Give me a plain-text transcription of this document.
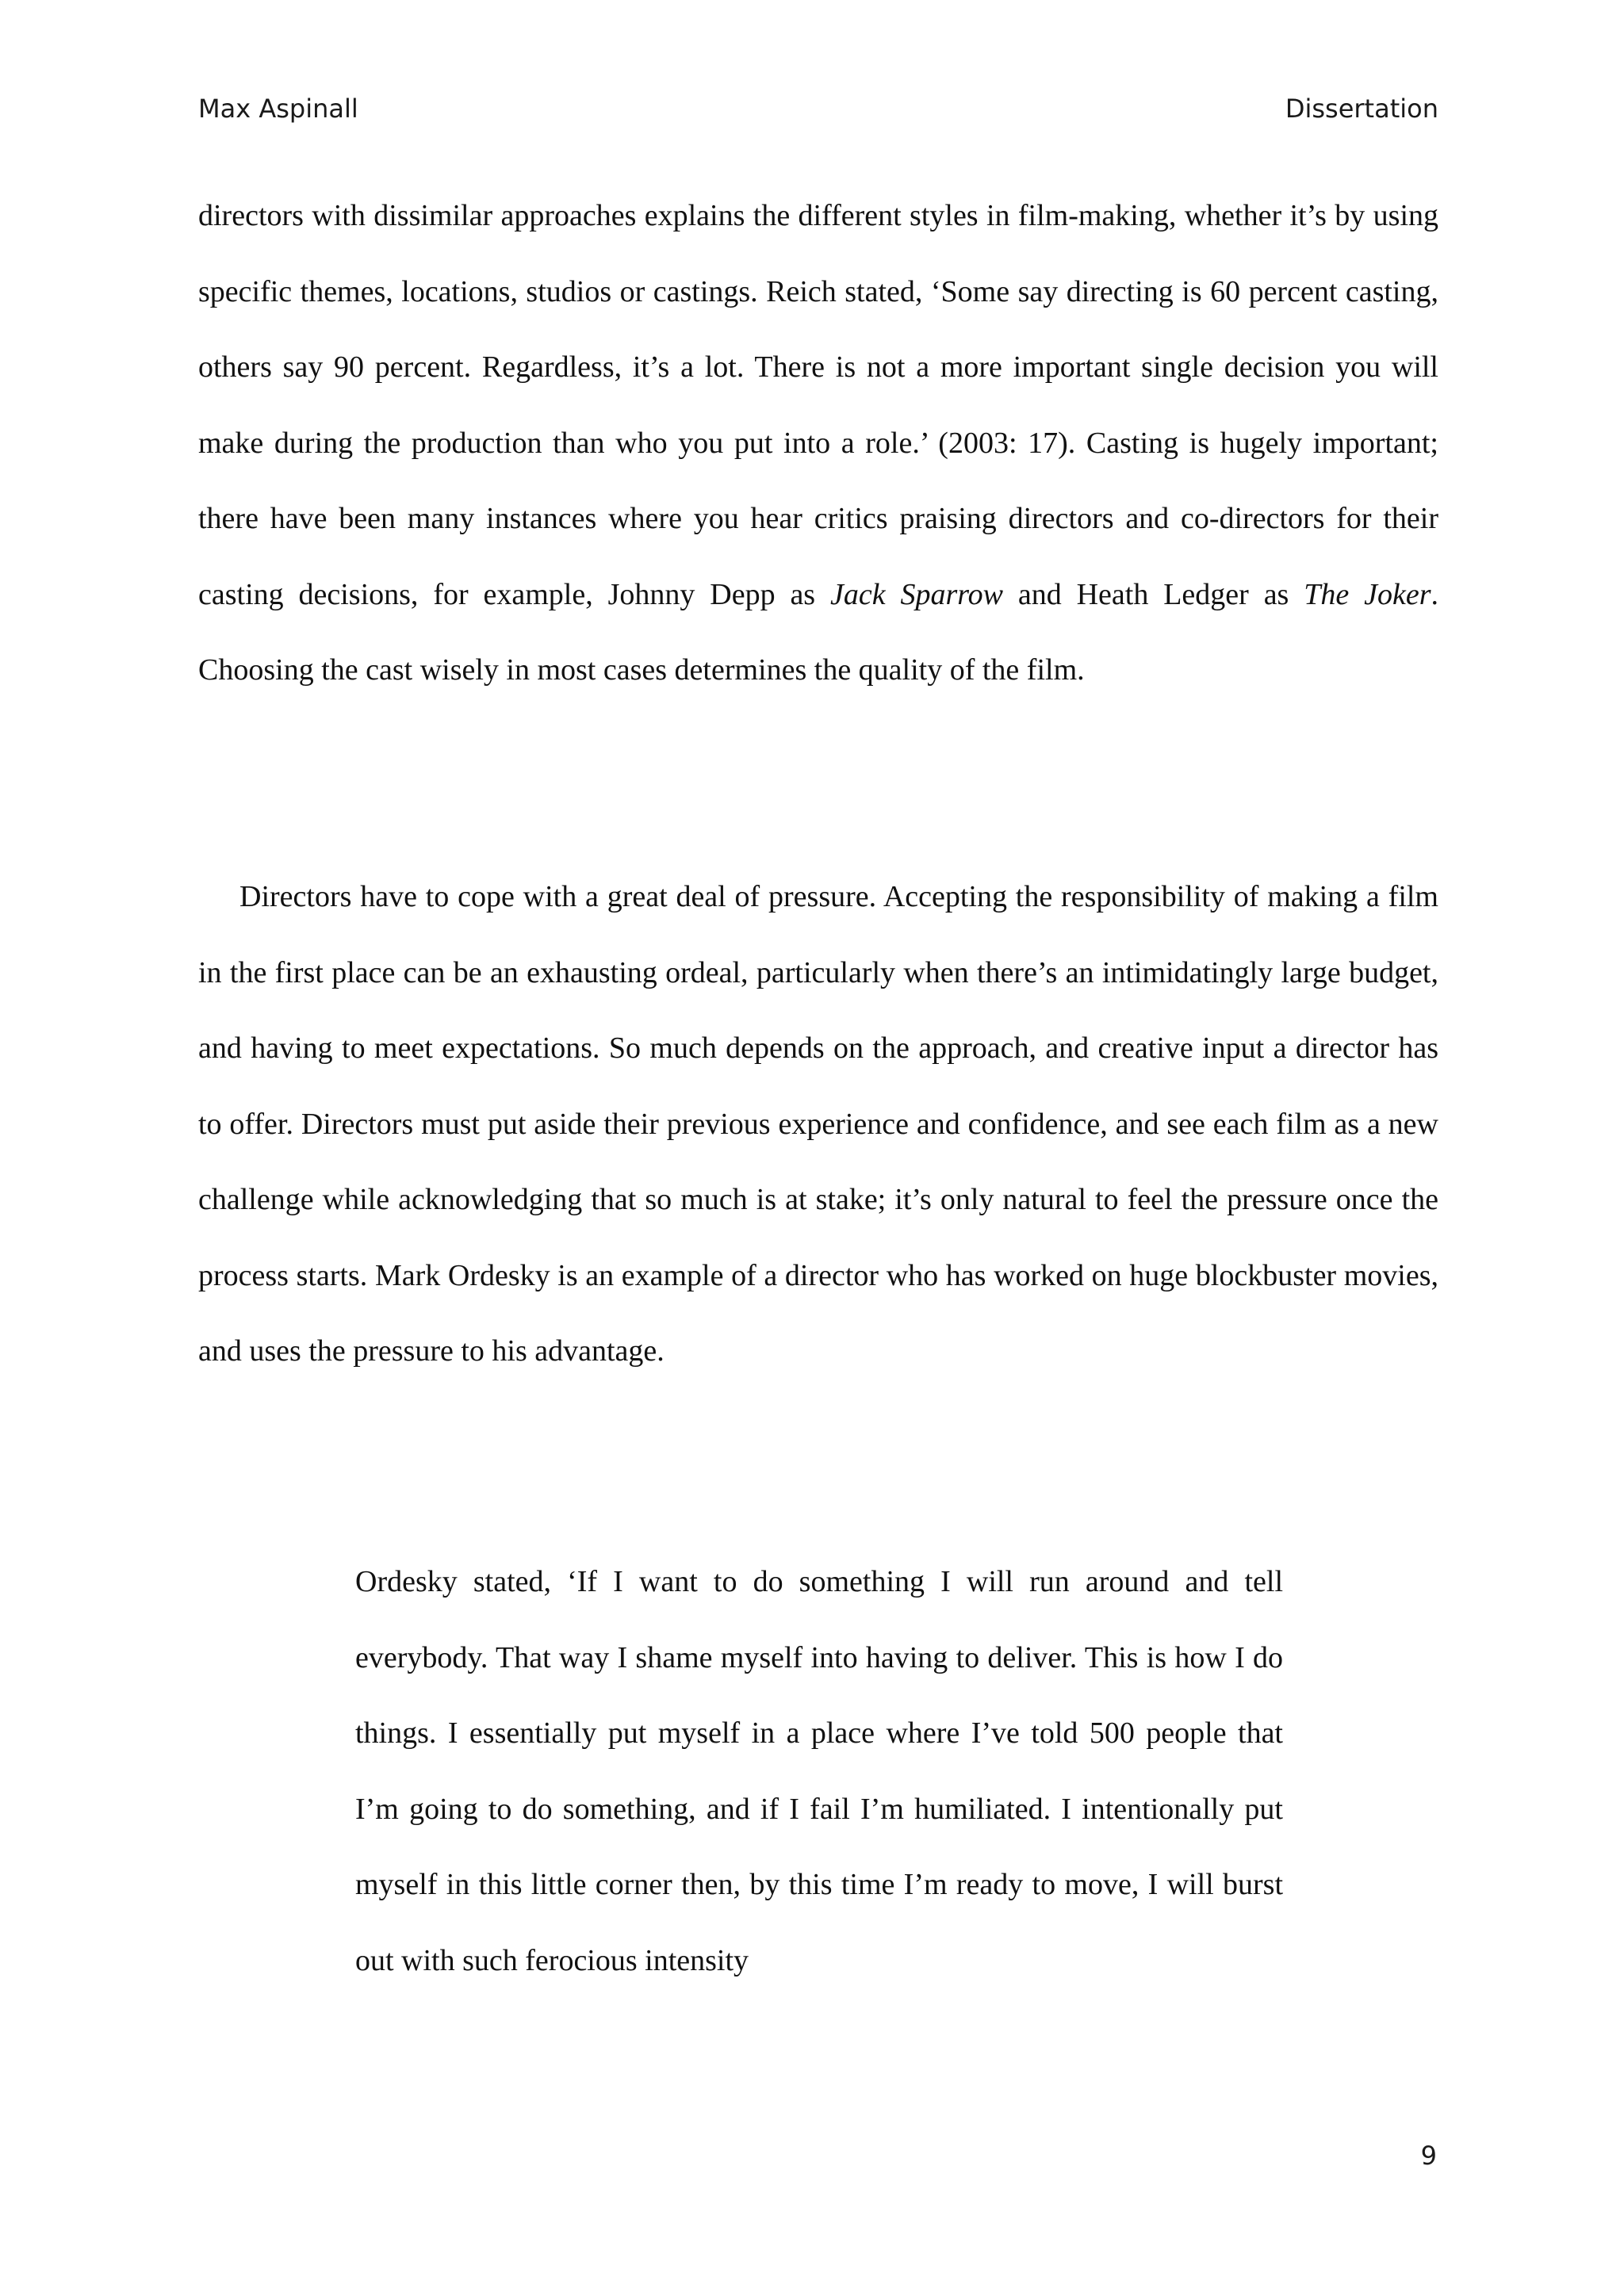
Max Aspinall	Dissertation

directors with dissimilar approaches explains the different styles in film-making, whether it’s by using specific themes, locations, studios or castings. Reich stated, ‘Some say directing is 60 percent casting, others say 90 percent. Regardless, it’s a lot. There is not a more important single decision you will make during the production than who you put into a role.’ (2003: 17). Casting is hugely important; there have been many instances where you hear critics praising directors and co-directors for their casting decisions, for example, Johnny Depp as Jack Sparrow and Heath Ledger as The Joker. Choosing the cast wisely in most cases determines the quality of the film.

Directors have to cope with a great deal of pressure. Accepting the responsibility of making a film in the first place can be an exhausting ordeal, particularly when there’s an intimidatingly large budget, and having to meet expectations. So much depends on the approach, and creative input a director has to offer. Directors must put aside their previous experience and confidence, and see each film as a new challenge while acknowledging that so much is at stake; it’s only natural to feel the pressure once the process starts. Mark Ordesky is an example of a director who has worked on huge blockbuster movies, and uses the pressure to his advantage.

Ordesky stated, ‘If I want to do something I will run around and tell everybody. That way I shame myself into having to deliver. This is how I do things. I essentially put myself in a place where I’ve told 500 people that I’m going to do something, and if I fail I’m humiliated. I intentionally put myself in this little corner then, by this time I’m ready to move, I will burst out with such ferocious intensity

9
